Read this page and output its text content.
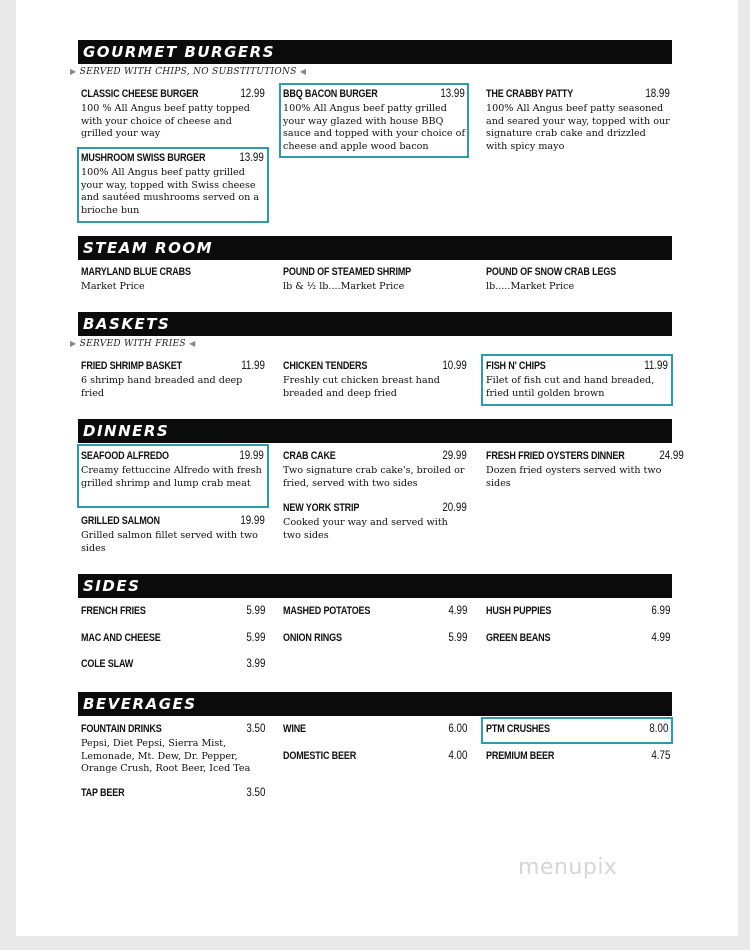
GOURMET BURGERS
▶ SERVED WITH CHIPS, NO SUBSTITUTIONS ◀
CLASSIC CHEESE BURGER	12.99
100 % All Angus beef patty topped with your choice of cheese and grilled your way
BBQ BACON BURGER	13.99
100% All Angus beef patty grilled your way glazed with house BBQ sauce and topped with your choice of cheese and apple wood bacon
THE CRABBY PATTY	18.99
100% All Angus beef patty seasoned and seared your way, topped with our signature crab cake and drizzled with spicy mayo
MUSHROOM SWISS BURGER	13.99
100% All Angus beef patty grilled your way, topped with Swiss cheese and sautéed mushrooms served on a brioche bun
STEAM ROOM
MARYLAND BLUE CRABS
Market Price
POUND OF STEAMED SHRIMP
lb & ½ lb....Market Price
POUND OF SNOW CRAB LEGS
lb.....Market Price
BASKETS
▶ SERVED WITH FRIES ◀
FRIED SHRIMP BASKET	11.99
6 shrimp hand breaded and deep fried
CHICKEN TENDERS	10.99
Freshly cut chicken breast hand breaded and deep fried
FISH N' CHIPS	11.99
Filet of fish cut and hand breaded, fried until golden brown
DINNERS
SEAFOOD ALFREDO	19.99
Creamy fettuccine Alfredo with fresh grilled shrimp and lump crab meat
CRAB CAKE	29.99
Two signature crab cake's, broiled or fried, served with two sides
FRESH FRIED OYSTERS DINNER	24.99
Dozen fried oysters served with two sides
GRILLED SALMON	19.99
Grilled salmon fillet served with two sides
NEW YORK STRIP	20.99
Cooked your way and served with two sides
SIDES
FRENCH FRIES	5.99 MASHED POTATOES	4.99 HUSH PUPPIES	6.99
MAC AND CHEESE	5.99 ONION RINGS	5.99 GREEN BEANS	4.99
COLE SLAW	3.99
BEVERAGES
FOUNTAIN DRINKS	3.50
Pepsi, Diet Pepsi, Sierra Mist, Lemonade, Mt. Dew, Dr. Pepper, Orange Crush, Root Beer, Iced Tea
WINE	6.00 PTM CRUSHES	8.00
DOMESTIC BEER	4.00 PREMIUM BEER	4.75
TAP BEER	3.50
menupix
